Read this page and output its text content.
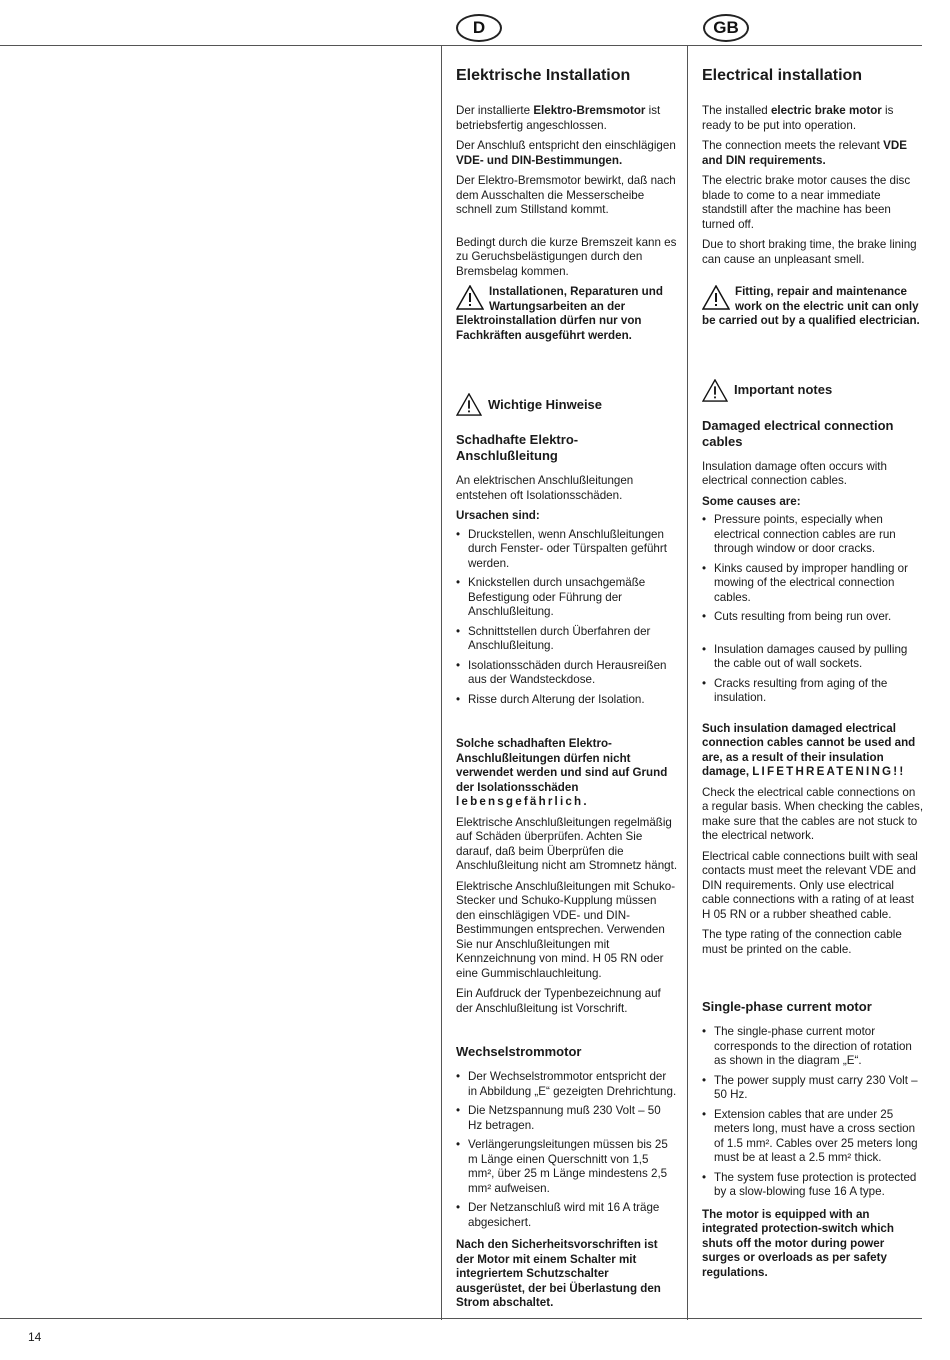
D	GB
Elektrische Installation

Der installierte Elektro-Bremsmotor ist betriebsfertig angeschlossen.

Der Anschluß entspricht den einschlägigen VDE- und DIN-Bestimmungen.

Der Elektro-Bremsmotor bewirkt, daß nach dem Ausschalten die Messerscheibe schnell zum Stillstand kommt.

Bedingt durch die kurze Bremszeit kann es zu Geruchsbelästigungen durch den Bremsbelag kommen.

Installationen, Reparaturen und Wartungsarbeiten an der Elektroinstallation dürfen nur von Fachkräften ausgeführt werden.
Wichtige Hinweise
Schadhafte Elektro-Anschlußleitung

An elektrischen Anschlußleitungen entstehen oft Isolationsschäden.

Ursachen sind:
• Druckstellen, wenn Anschlußleitungen durch Fenster- oder Türspalten geführt werden.
• Knickstellen durch unsachgemäße Befestigung oder Führung der Anschlußleitung.
• Schnittstellen durch Überfahren der Anschlußleitung.
• Isolationsschäden durch Herausreißen aus der Wandsteckdose.
• Risse durch Alterung der Isolation.

Solche schadhaften Elektro-Anschlußleitungen dürfen nicht verwendet werden und sind auf Grund der Isolationsschäden lebensgefährlich.

Elektrische Anschlußleitungen regelmäßig auf Schäden überprüfen. Achten Sie darauf, daß beim Überprüfen die Anschlußleitung nicht am Stromnetz hängt.

Elektrische Anschlußleitungen mit Schuko-Stecker und Schuko-Kupplung müssen den einschlägigen VDE- und DIN-Bestimmungen entsprechen. Verwenden Sie nur Anschlußleitungen mit Kennzeichnung von mind. H 05 RN oder eine Gummischlauchleitung.

Ein Aufdruck der Typenbezeichnung auf der Anschlußleitung ist Vorschrift.

Wechselstrommotor
• Der Wechselstrommotor entspricht der in Abbildung „E“ gezeigten Drehrichtung.
• Die Netzspannung muß 230 Volt – 50 Hz betragen.
• Verlängerungsleitungen müssen bis 25 m Länge einen Querschnitt von 1,5 mm², über 25 m Länge mindestens 2,5 mm² aufweisen.
• Der Netzanschluß wird mit 16 A träge abgesichert.

Nach den Sicherheitsvorschriften ist der Motor mit einem Schalter mit integriertem Schutzschalter ausgerüstet, der bei Überlastung den Strom abschaltet.

Electrical installation

The installed electric brake motor is ready to be put into operation.

The connection meets the relevant VDE and DIN requirements.

The electric brake motor causes the disc blade to come to a near immediate standstill after the machine has been turned off.

Due to short braking time, the brake lining can cause an unpleasant smell.

Fitting, repair and maintenance work on the electric unit can only be carried out by a qualified electrician.
Important notes
Damaged electrical connection cables

Insulation damage often occurs with electrical connection cables.

Some causes are:
• Pressure points, especially when electrical connection cables are run through window or door cracks.
• Kinks caused by improper handling or mowing of the electrical connection cables.
• Cuts resulting from being run over.
• Insulation damages caused by pulling the cable out of wall sockets.
• Cracks resulting from aging of the insulation.

Such insulation damaged electrical connection cables cannot be used and are, as a result of their insulation damage, LIFETHREATENING!!

Check the electrical cable connections on a regular basis. When checking the cables, make sure that the cables are not stuck to the electrical network.

Electrical cable connections built with seal contacts must meet the relevant VDE and DIN requirements. Only use electrical cable connections with a rating of at least H 05 RN or a rubber sheathed cable.

The type rating of the connection cable must be printed on the cable.

Single-phase current motor
• The single-phase current motor corresponds to the direction of rotation as shown in the diagram „E“.
• The power supply must carry 230 Volt – 50 Hz.
• Extension cables that are under 25 meters long, must have a cross section of 1.5 mm². Cables over 25 meters long must be at least a 2.5 mm² thick.
• The system fuse protection is protected by a slow-blowing fuse 16 A type.

The motor is equipped with an integrated protection-switch which shuts off the motor during power surges or overloads as per safety regulations.

14
